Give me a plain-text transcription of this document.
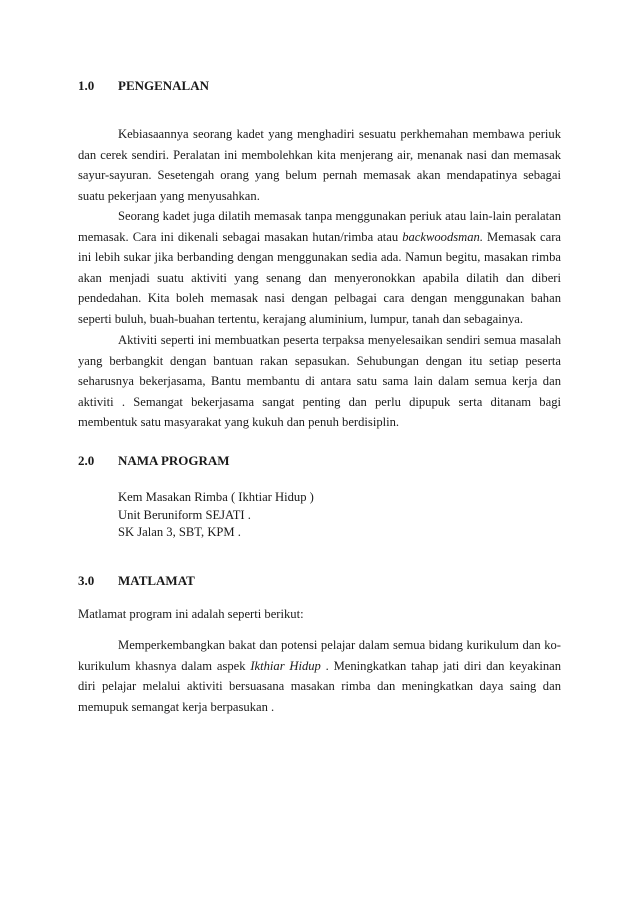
1.0 PENGENALAN

Kebiasaannya seorang kadet yang menghadiri sesuatu perkhemahan membawa periuk dan cerek sendiri. Peralatan ini membolehkan kita menjerang air, menanak nasi dan memasak sayur-sayuran. Sesetengah orang yang belum pernah memasak akan mendapatinya sebagai suatu pekerjaan yang menyusahkan.

Seorang kadet juga dilatih memasak tanpa menggunakan periuk atau lain-lain peralatan memasak. Cara ini dikenali sebagai masakan hutan/rimba atau backwoodsman. Memasak cara ini lebih sukar jika berbanding dengan menggunakan sedia ada. Namun begitu, masakan rimba akan menjadi suatu aktiviti yang senang dan menyeronokkan apabila dilatih dan diberi pendedahan. Kita boleh memasak nasi dengan pelbagai cara dengan menggunakan bahan seperti buluh, buah-buahan tertentu, kerajang aluminium, lumpur, tanah dan sebagainya.

Aktiviti seperti ini membuatkan peserta terpaksa menyelesaikan sendiri semua masalah yang berbangkit dengan bantuan rakan sepasukan. Sehubungan dengan itu setiap peserta seharusnya bekerjasama, Bantu membantu di antara satu sama lain dalam semua kerja dan aktiviti . Semangat bekerjasama sangat penting dan perlu dipupuk serta ditanam bagi membentuk satu masyarakat yang kukuh dan penuh berdisiplin.

2.0 NAMA PROGRAM
Kem Masakan Rimba ( Ikhtiar Hidup )
Unit Beruniform SEJATI .
SK Jalan 3, SBT, KPM .
3.0 MATLAMAT

Matlamat program ini adalah seperti berikut:

Memperkembangkan bakat dan potensi pelajar dalam semua bidang kurikulum dan ko-kurikulum khasnya dalam aspek Ikthiar Hidup . Meningkatkan tahap jati diri dan keyakinan diri pelajar melalui aktiviti bersuasana masakan rimba dan meningkatkan daya saing dan memupuk semangat kerja berpasukan .
